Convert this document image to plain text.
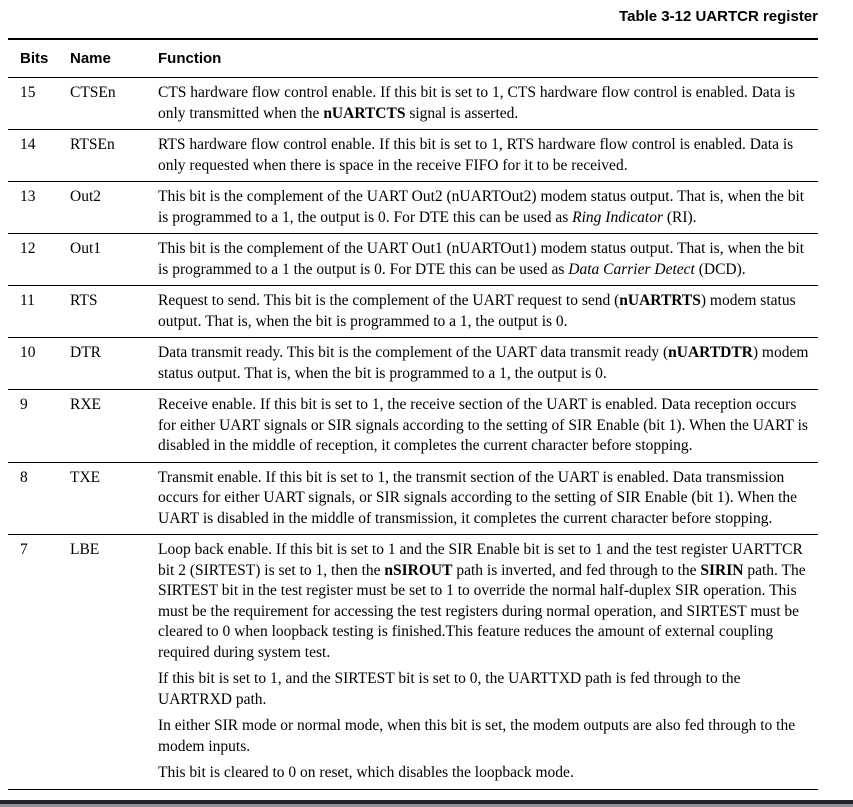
Table 3-12 UARTCR register
Bits	Name	Function
15	CTSEn	CTS hardware flow control enable. If this bit is set to 1, CTS hardware flow control is enabled. Data is only transmitted when the nUARTCTS signal is asserted.

14	RTSEn	RTS hardware flow control enable. If this bit is set to 1, RTS hardware flow control is enabled. Data is only requested when there is space in the receive FIFO for it to be received.

13	Out2	This bit is the complement of the UART Out2 (nUARTOut2) modem status output. That is, when the bit is programmed to a 1, the output is 0. For DTE this can be used as Ring Indicator (RI).

12	Out1	This bit is the complement of the UART Out1 (nUARTOut1) modem status output. That is, when the bit is programmed to a 1 the output is 0. For DTE this can be used as Data Carrier Detect (DCD).

11	RTS	Request to send. This bit is the complement of the UART request to send (nUARTRTS) modem status output. That is, when the bit is programmed to a 1, the output is 0.

10	DTR	Data transmit ready. This bit is the complement of the UART data transmit ready (nUARTDTR) modem status output. That is, when the bit is programmed to a 1, the output is 0.

9	RXE	Receive enable. If this bit is set to 1, the receive section of the UART is enabled. Data reception occurs for either UART signals or SIR signals according to the setting of SIR Enable (bit 1). When the UART is disabled in the middle of reception, it completes the current character before stopping.

8	TXE	Transmit enable. If this bit is set to 1, the transmit section of the UART is enabled. Data transmission occurs for either UART signals, or SIR signals according to the setting of SIR Enable (bit 1). When the UART is disabled in the middle of transmission, it completes the current character before stopping.

7	LBE	Loop back enable. If this bit is set to 1 and the SIR Enable bit is set to 1 and the test register UARTTCR bit 2 (SIRTEST) is set to 1, then the nSIROUT path is inverted, and fed through to the SIRIN path. The SIRTEST bit in the test register must be set to 1 to override the normal half-duplex SIR operation. This must be the requirement for accessing the test registers during normal operation, and SIRTEST must be cleared to 0 when loopback testing is finished.This feature reduces the amount of external coupling required during system test.

If this bit is set to 1, and the SIRTEST bit is set to 0, the UARTTXD path is fed through to the UARTRXD path.

In either SIR mode or normal mode, when this bit is set, the modem outputs are also fed through to the modem inputs.

This bit is cleared to 0 on reset, which disables the loopback mode.
